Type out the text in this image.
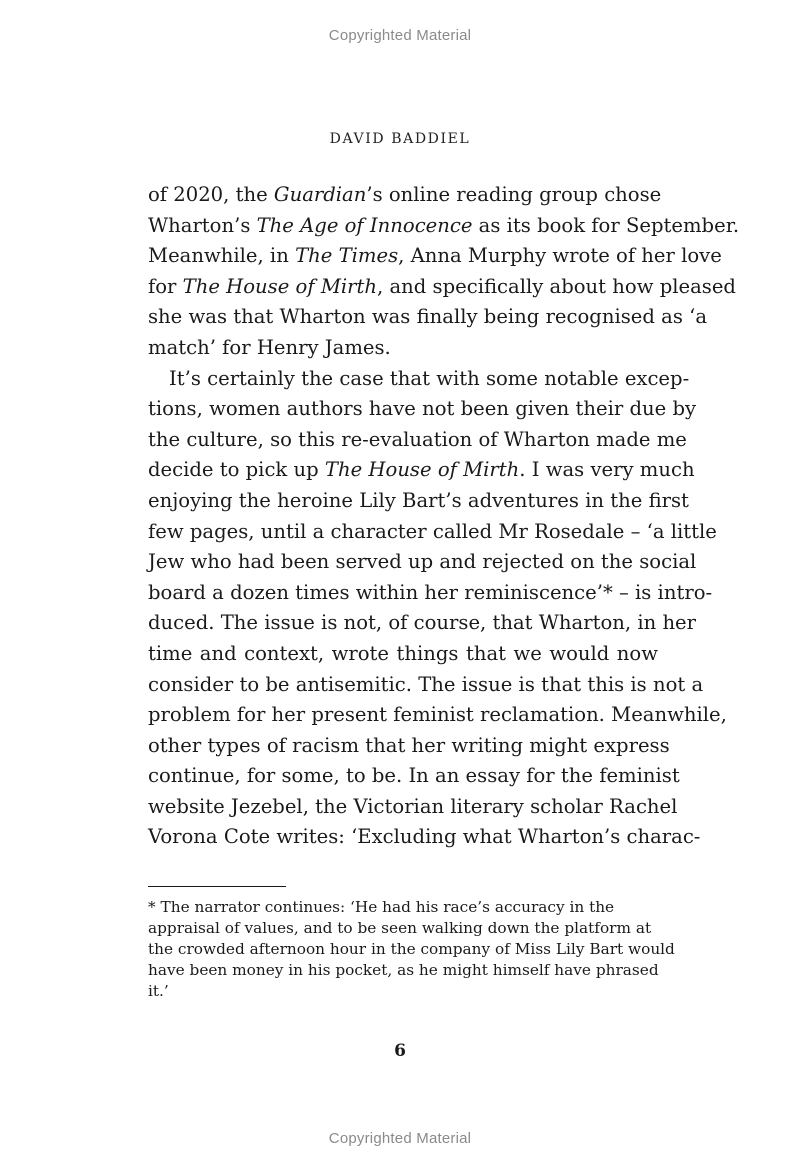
Copyrighted Material
DAVID BADDIEL
of 2020, the Guardian’s online reading group chose
Wharton’s The Age of Innocence as its book for September.
Meanwhile, in The Times, Anna Murphy wrote of her love
for The House of Mirth, and specifically about how pleased
she was that Wharton was finally being recognised as ‘a
match’ for Henry James.
It’s certainly the case that with some notable excep-
tions, women authors have not been given their due by
the culture, so this re-evaluation of Wharton made me
decide to pick up The House of Mirth. I was very much
enjoying the heroine Lily Bart’s adventures in the first
few pages, until a character called Mr Rosedale – ‘a little
Jew who had been served up and rejected on the social
board a dozen times within her reminiscence’* – is intro-
duced. The issue is not, of course, that Wharton, in her
time and context, wrote things that we would now
consider to be antisemitic. The issue is that this is not a
problem for her present feminist reclamation. Meanwhile,
other types of racism that her writing might express
continue, for some, to be. In an essay for the feminist
website Jezebel, the Victorian literary scholar Rachel
Vorona Cote writes: ‘Excluding what Wharton’s charac-
* The narrator continues: ‘He had his race’s accuracy in the
appraisal of values, and to be seen walking down the platform at
the crowded afternoon hour in the company of Miss Lily Bart would
have been money in his pocket, as he might himself have phrased
it.’
6
Copyrighted Material
